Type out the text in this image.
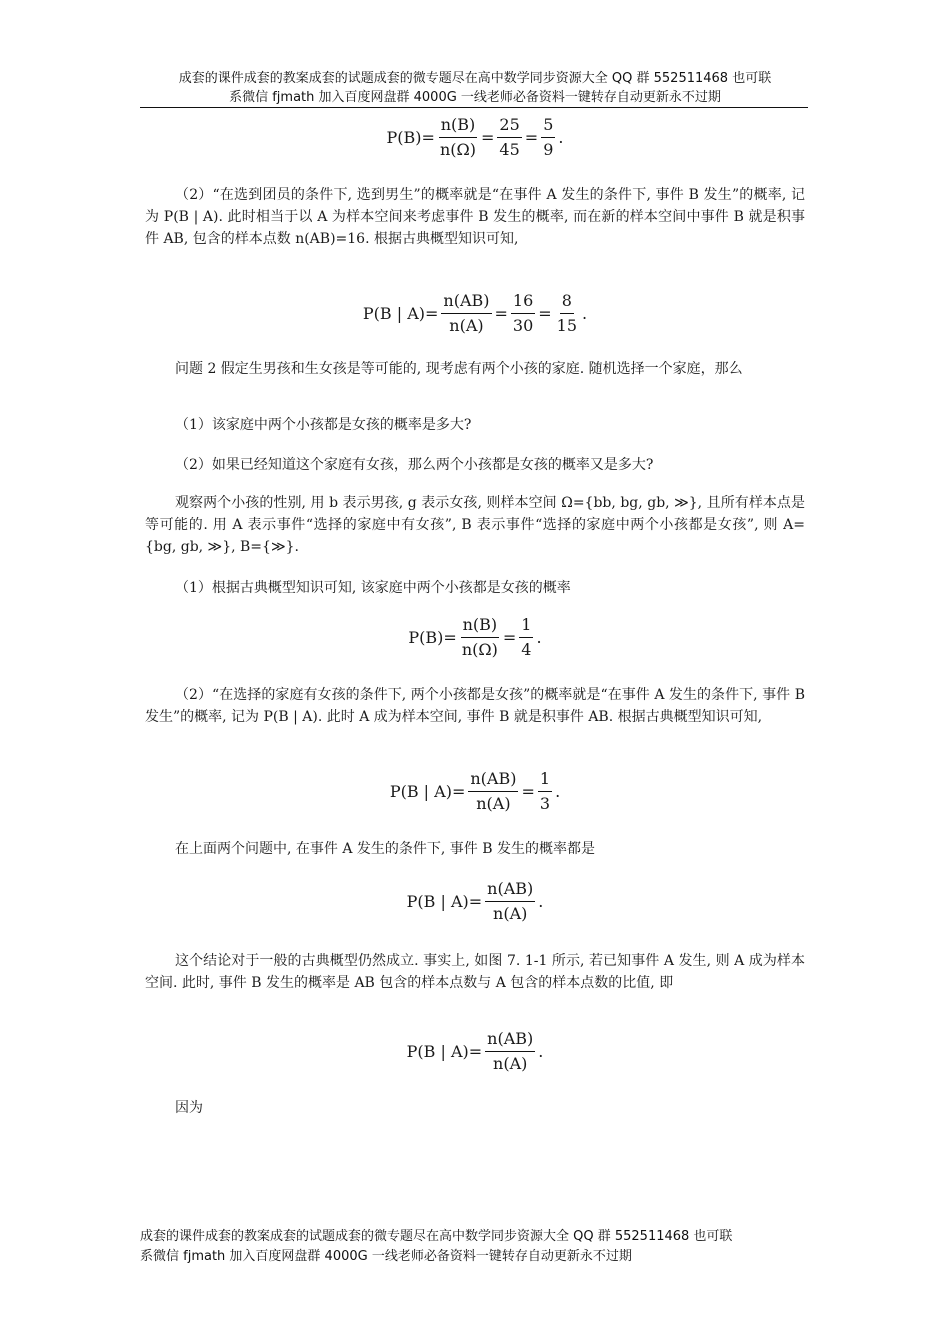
成套的课件成套的教案成套的试题成套的微专题尽在高中数学同步资源大全 QQ 群 552511468 也可联
系微信 fjmath 加入百度网盘群 4000G 一线老师必备资料一键转存自动更新永不过期
$P(B)= \frac{n(B)}{n(\Omega)} = \frac{25}{45} = \frac{5}{9}$ .
（2）“在选到团员的条件下, 选到男生”的概率就是“在事件 A 发生的条件下, 事件 B 发生”的概率, 记为 P(B | A). 此时相当于以 A 为样本空间来考虑事件 B 发生的概率, 而在新的样本空间中事件 B 就是积事件 AB, 包含的样本点数 n(AB)=16. 根据古典概型知识可知,
P(B | $A)= \frac{n(AB)}{n(A)} = \frac{16}{30} = \frac{8}{15}$ .
问题 2 假定生男孩和生女孩是等可能的, 现考虑有两个小孩的家庭. 随机选择一个家庭，那么
（1）该家庭中两个小孩都是女孩的概率是多大?
（2）如果已经知道这个家庭有女孩，那么两个小孩都是女孩的概率又是多大?
观察两个小孩的性别, 用 b 表示男孩, g 表示女孩, 则样本空间 Ω={bb, bg, gb, ≫}, 且所有样本点是等可能的. 用 A 表示事件“选择的家庭中有女孩”, B 表示事件“选择的家庭中两个小孩都是女孩”, 则 A={bg, gb, ≫}, B={≫}.
（1）根据古典概型知识可知, 该家庭中两个小孩都是女孩的概率
$P(B)= \frac{n(B)}{n(\Omega)} = \frac{1}{4}$ .
（2）“在选择的家庭有女孩的条件下, 两个小孩都是女孩”的概率就是“在事件 A 发生的条件下, 事件 B 发生”的概率, 记为 P(B | A). 此时 A 成为样本空间, 事件 B 就是积事件 AB. 根据古典概型知识可知,
P(B | $A)= \frac{n(AB)}{n(A)} = \frac{1}{3}$ .
在上面两个问题中, 在事件 A 发生的条件下, 事件 B 发生的概率都是
P(B | $A)= \frac{n(AB)}{n(A)}$ .
这个结论对于一般的古典概型仍然成立. 事实上, 如图 7. 1-1 所示, 若已知事件 A 发生, 则 A 成为样本空间. 此时, 事件 B 发生的概率是 AB 包含的样本点数与 A 包含的样本点数的比值, 即
P(B | $A)= \frac{n(AB)}{n(A)}$ .
因为
成套的课件成套的教案成套的试题成套的微专题尽在高中数学同步资源大全 QQ 群 552511468 也可联
系微信 fjmath 加入百度网盘群 4000G 一线老师必备资料一键转存自动更新永不过期
